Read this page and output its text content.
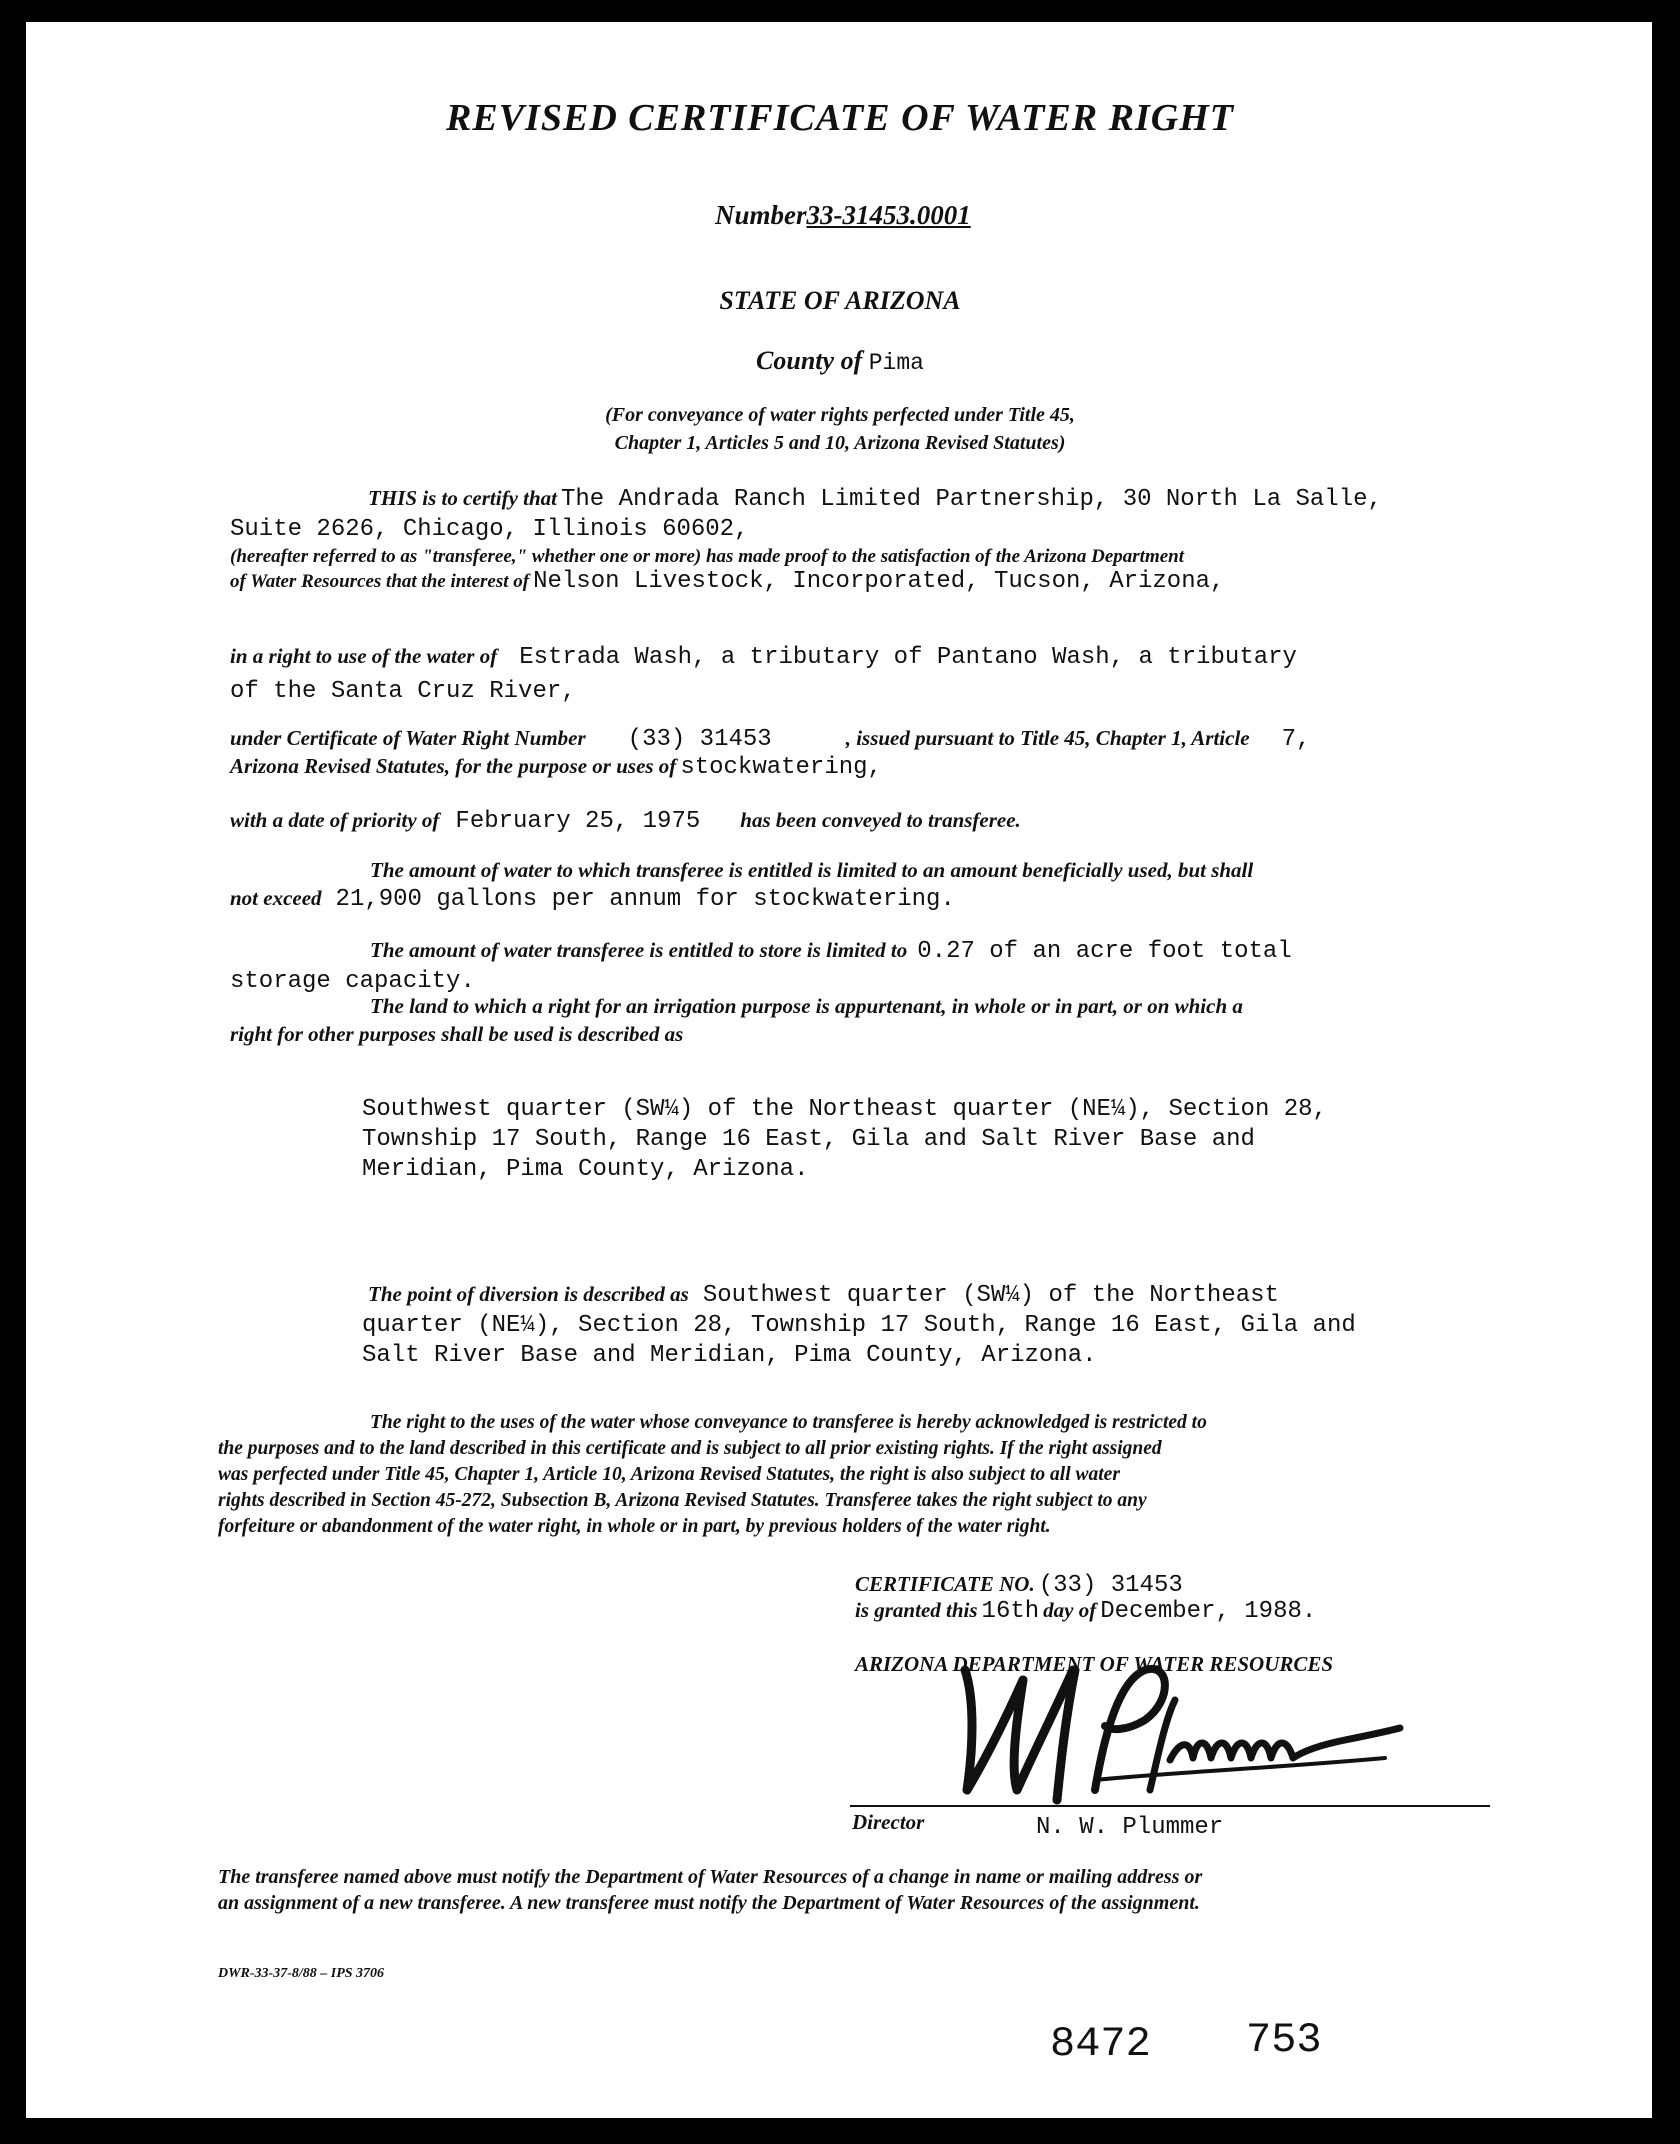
REVISED CERTIFICATE OF WATER RIGHT
Number33-31453.0001
STATE OF ARIZONA
County of Pima
(For conveyance of water rights perfected under Title 45,
Chapter 1, Articles 5 and 10, Arizona Revised Statutes)
THIS is to certify that The Andrada Ranch Limited Partnership, 30 North La Salle,
Suite 2626, Chicago, Illinois 60602,
(hereafter referred to as "transferee," whether one or more) has made proof to the satisfaction of the Arizona Department
of Water Resources that the interest of Nelson Livestock, Incorporated, Tucson, Arizona,
in a right to use of the water of Estrada Wash, a tributary of Pantano Wash, a tributary
of the Santa Cruz River,
under Certificate of Water Right Number (33) 31453	, issued pursuant to Title 45, Chapter 1, Article 7,
Arizona Revised Statutes, for the purpose or uses of stockwatering,
with a date of priority of February 25, 1975 has been conveyed to transferee.
The amount of water to which transferee is entitled is limited to an amount beneficially used, but shall
not exceed 21,900 gallons per annum for stockwatering.
The amount of water transferee is entitled to store is limited to 0.27 of an acre foot total
storage capacity.
The land to which a right for an irrigation purpose is appurtenant, in whole or in part, or on which a
right for other purposes shall be used is described as
Southwest quarter (SW¼) of the Northeast quarter (NE¼), Section 28,
Township 17 South, Range 16 East, Gila and Salt River Base and
Meridian, Pima County, Arizona.
The point of diversion is described as Southwest quarter (SW¼) of the Northeast
quarter (NE¼), Section 28, Township 17 South, Range 16 East, Gila and
Salt River Base and Meridian, Pima County, Arizona.
The right to the uses of the water whose conveyance to transferee is hereby acknowledged is restricted to
the purposes and to the land described in this certificate and is subject to all prior existing rights. If the right assigned
was perfected under Title 45, Chapter 1, Article 10, Arizona Revised Statutes, the right is also subject to all water
rights described in Section 45-272, Subsection B, Arizona Revised Statutes. Transferee takes the right subject to any
forfeiture or abandonment of the water right, in whole or in part, by previous holders of the water right.
CERTIFICATE NO. (33) 31453
is granted this 16th day of December, 1988.
ARIZONA DEPARTMENT OF WATER RESOURCES
Director	N. W. Plummer
The transferee named above must notify the Department of Water Resources of a change in name or mailing address or
an assignment of a new transferee. A new transferee must notify the Department of Water Resources of the assignment.
DWR-33-37-8/88 – IPS 3706
8472 753
